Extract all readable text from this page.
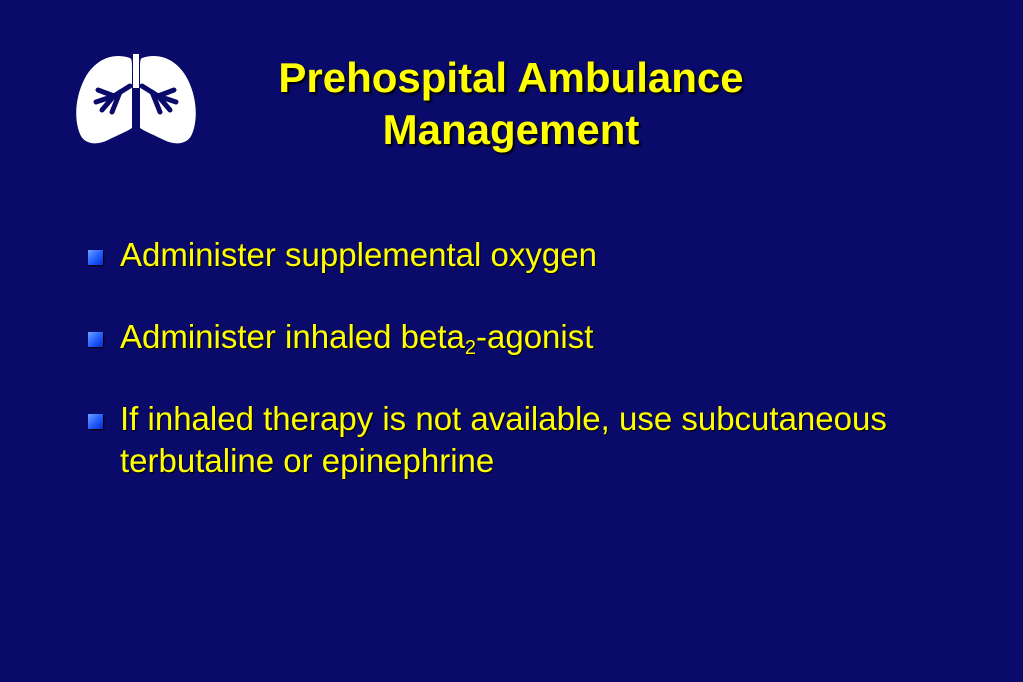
Prehospital Ambulance
Management
Administer supplemental oxygen
Administer inhaled beta$_2$-agonist
If inhaled therapy is not available, use subcutaneous terbutaline or epinephrine
